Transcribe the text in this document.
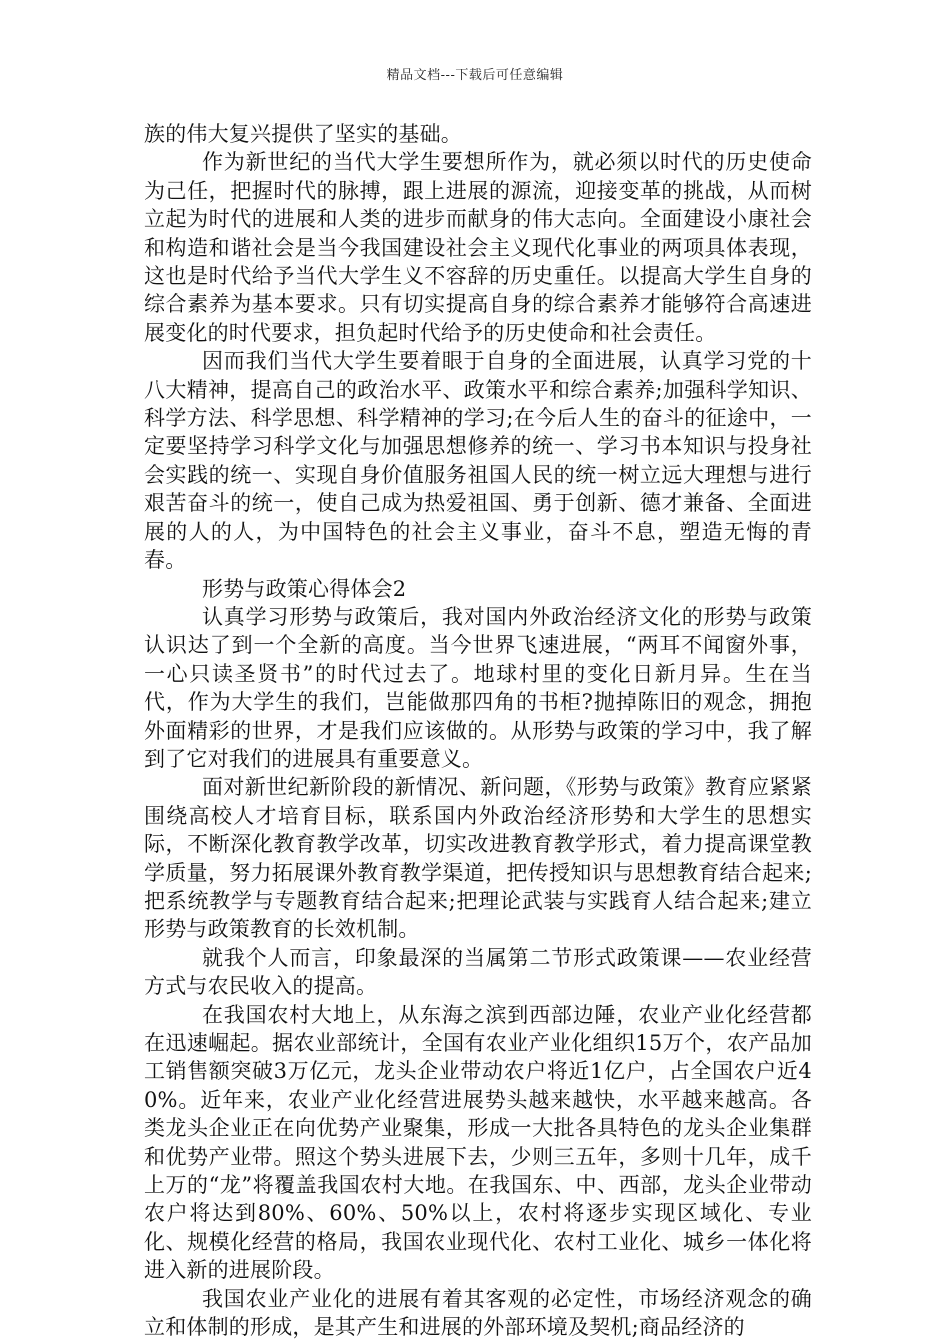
精品文档---下载后可任意编辑

族的伟大复兴提供了坚实的基础。

作为新世纪的当代大学生要想所作为，就必须以时代的历史使命为己任，把握时代的脉搏，跟上进展的源流，迎接变革的挑战，从而树立起为时代的进展和人类的进步而献身的伟大志向。全面建设小康社会和构造和谐社会是当今我国建设社会主义现代化事业的两项具体表现，这也是时代给予当代大学生义不容辞的历史重任。以提高大学生自身的综合素养为基本要求。只有切实提高自身的综合素养才能够符合高速进展变化的时代要求，担负起时代给予的历史使命和社会责任。

因而我们当代大学生要着眼于自身的全面进展，认真学习党的十八大精神，提高自己的政治水平、政策水平和综合素养;加强科学知识、科学方法、科学思想、科学精神的学习;在今后人生的奋斗的征途中，一定要坚持学习科学文化与加强思想修养的统一、学习书本知识与投身社会实践的统一、实现自身价值服务祖国人民的统一树立远大理想与进行艰苦奋斗的统一，使自己成为热爱祖国、勇于创新、德才兼备、全面进展的人的人，为中国特色的社会主义事业，奋斗不息，塑造无悔的青春。

形势与政策心得体会2

认真学习形势与政策后，我对国内外政治经济文化的形势与政策认识达了到一个全新的高度。当今世界飞速进展，“两耳不闻窗外事，一心只读圣贤书”的时代过去了。地球村里的变化日新月异。生在当代，作为大学生的我们，岂能做那四角的书柜?抛掉陈旧的观念，拥抱外面精彩的世界，才是我们应该做的。从形势与政策的学习中，我了解到了它对我们的进展具有重要意义。

面对新世纪新阶段的新情况、新问题，《形势与政策》教育应紧紧围绕高校人才培育目标，联系国内外政治经济形势和大学生的思想实际，不断深化教育教学改革，切实改进教育教学形式，着力提高课堂教学质量，努力拓展课外教育教学渠道，把传授知识与思想教育结合起来;把系统教学与专题教育结合起来;把理论武装与实践育人结合起来;建立形势与政策教育的长效机制。

就我个人而言，印象最深的当属第二节形式政策课——农业经营方式与农民收入的提高。

在我国农村大地上，从东海之滨到西部边陲，农业产业化经营都在迅速崛起。据农业部统计，全国有农业产业化组织15万个，农产品加工销售额突破3万亿元，龙头企业带动农户将近1亿户，占全国农户近40%。近年来，农业产业化经营进展势头越来越快，水平越来越高。各类龙头企业正在向优势产业聚集，形成一大批各具特色的龙头企业集群和优势产业带。照这个势头进展下去，少则三五年，多则十几年，成千上万的“龙”将覆盖我国农村大地。在我国东、中、西部，龙头企业带动农户将达到80%、60%、50%以上，农村将逐步实现区域化、专业化、规模化经营的格局，我国农业现代化、农村工业化、城乡一体化将进入新的进展阶段。

我国农业产业化的进展有着其客观的必定性，市场经济观念的确立和体制的形成，是其产生和进展的外部环境及契机;商品经济的
